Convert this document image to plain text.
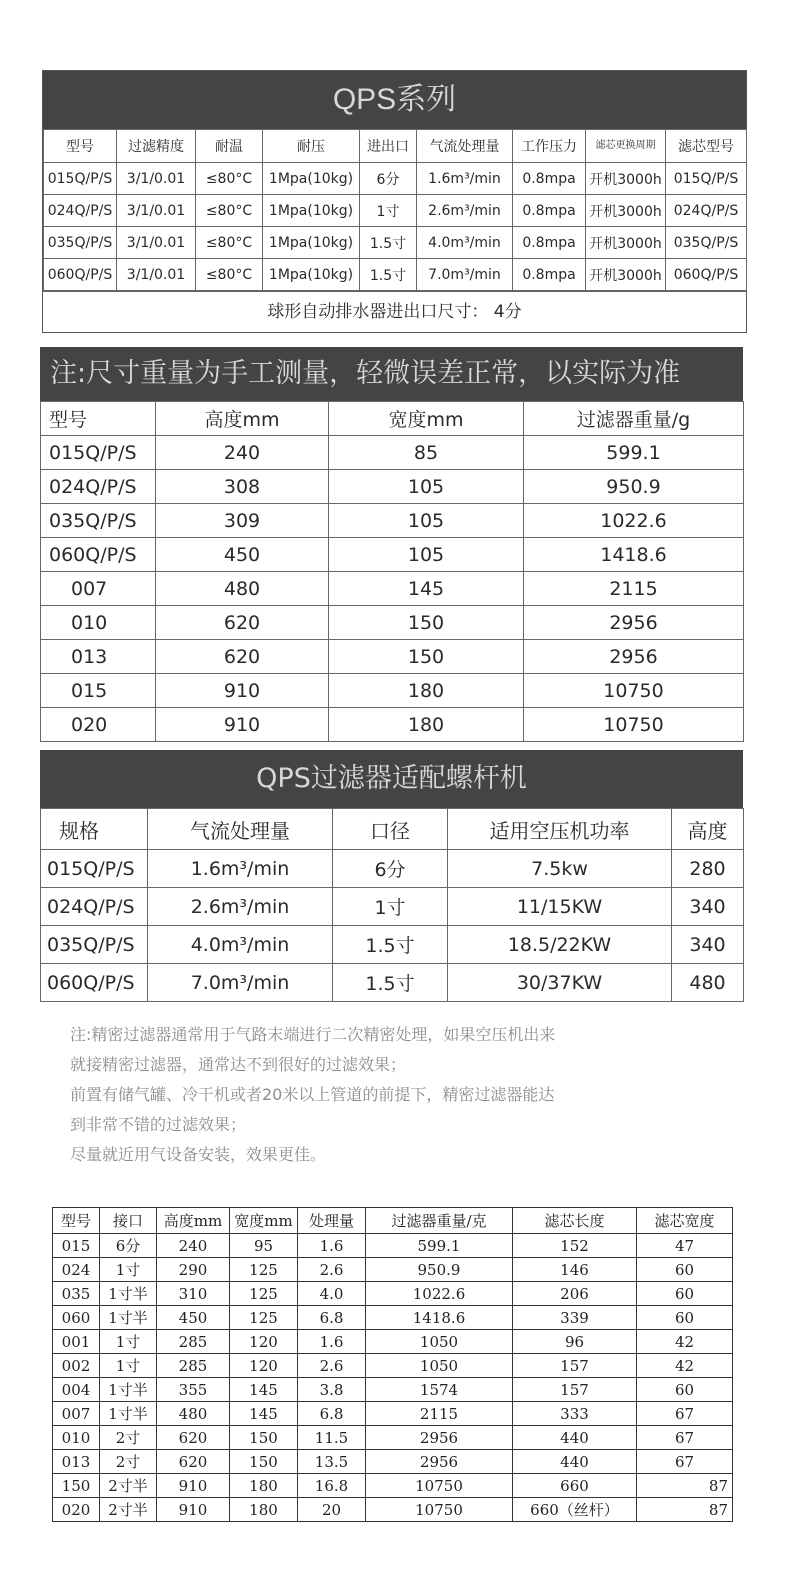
QPS系列
型号	过滤精度	耐温	耐压	进出口	气流处理量	工作压力	滤芯更换周期	滤芯型号
015Q/P/S	3/1/0.01	≤80°C	1Mpa(10kg)	6分	1.6m³/min	0.8mpa	开机3000h	015Q/P/S
024Q/P/S	3/1/0.01	≤80°C	1Mpa(10kg)	1寸	2.6m³/min	0.8mpa	开机3000h	024Q/P/S
035Q/P/S	3/1/0.01	≤80°C	1Mpa(10kg)	1.5寸	4.0m³/min	0.8mpa	开机3000h	035Q/P/S
060Q/P/S	3/1/0.01	≤80°C	1Mpa(10kg)	1.5寸	7.0m³/min	0.8mpa	开机3000h	060Q/P/S
球形自动排水器进出口尺寸： 4分
注:尺寸重量为手工测量，轻微误差正常，以实际为准
型号	高度mm	宽度mm	过滤器重量/g
015Q/P/S	240	85	599.1
024Q/P/S	308	105	950.9
035Q/P/S	309	105	1022.6
060Q/P/S	450	105	1418.6
007	480	145	2115
010	620	150	2956
013	620	150	2956
015	910	180	10750
020	910	180	10750
QPS过滤器适配螺杆机
规格	气流处理量	口径	适用空压机功率	高度
015Q/P/S	1.6m³/min	6分	7.5kw	280
024Q/P/S	2.6m³/min	1寸	11/15KW	340
035Q/P/S	4.0m³/min	1.5寸	18.5/22KW	340
060Q/P/S	7.0m³/min	1.5寸	30/37KW	480
注:精密过滤器通常用于气路末端进行二次精密处理，如果空压机出来
就接精密过滤器，通常达不到很好的过滤效果；
前置有储气罐、冷干机或者20米以上管道的前提下，精密过滤器能达
到非常不错的过滤效果；
尽量就近用气设备安装，效果更佳。
型号	接口	高度mm	宽度mm	处理量	过滤器重量/克	滤芯长度	滤芯宽度
015	6分	240	95	1.6	599.1	152	47
024	1寸	290	125	2.6	950.9	146	60
035	1寸半	310	125	4.0	1022.6	206	60
060	1寸半	450	125	6.8	1418.6	339	60
001	1寸	285	120	1.6	1050	96	42
002	1寸	285	120	2.6	1050	157	42
004	1寸半	355	145	3.8	1574	157	60
007	1寸半	480	145	6.8	2115	333	67
010	2寸	620	150	11.5	2956	440	67
013	2寸	620	150	13.5	2956	440	67
150	2寸半	910	180	16.8	10750	660	87
020	2寸半	910	180	20	10750	660（丝杆）	87
